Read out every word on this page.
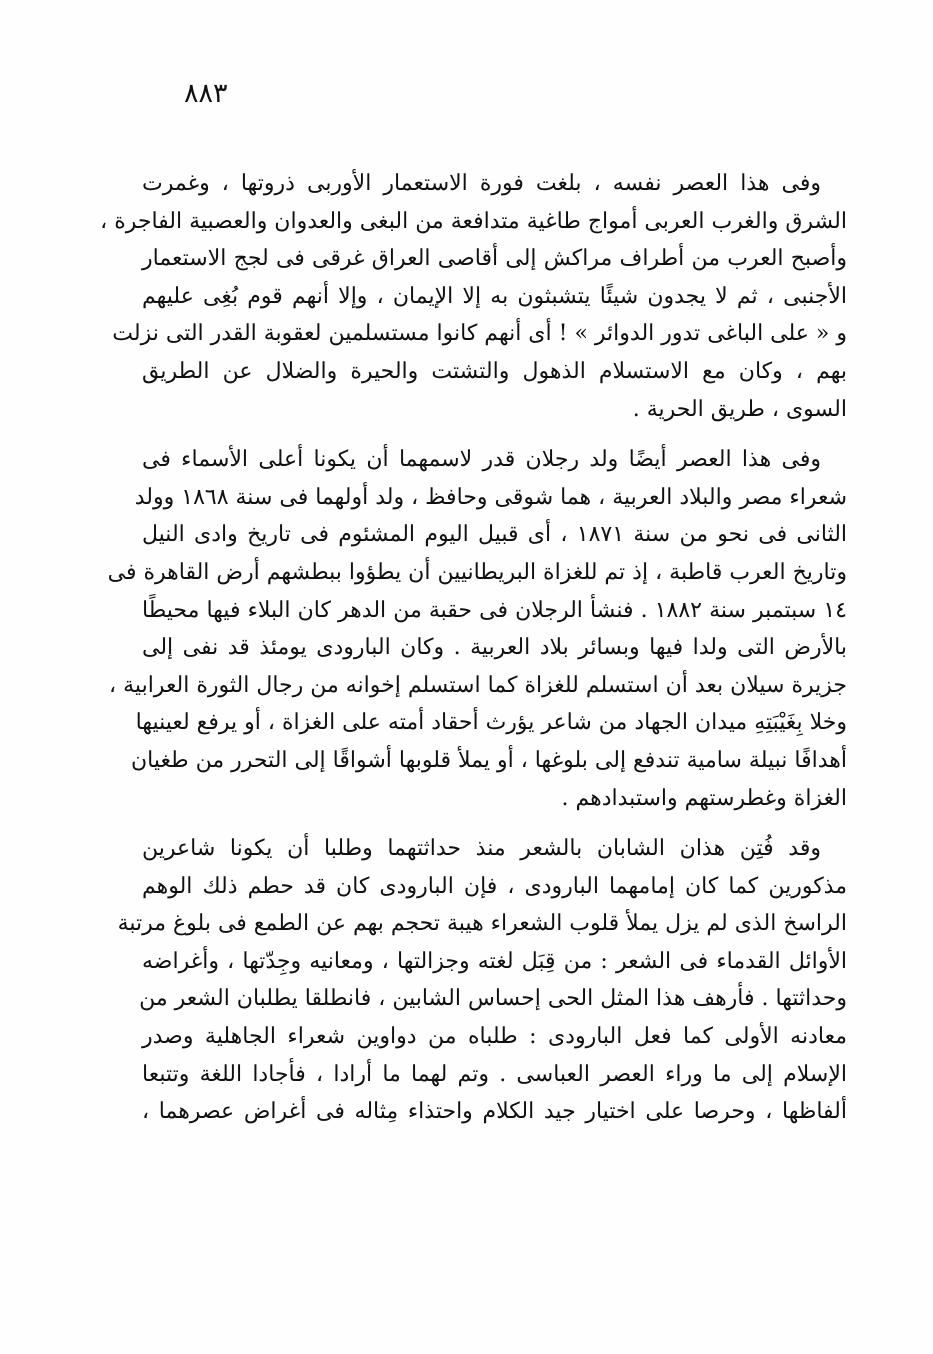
٨٨٣
وفى هذا العصر نفسه ، بلغت فورة الاستعمار الأوربى ذروتها ، وغمرت
الشرق والغرب العربى أمواج طاغية متدافعة من البغى والعدوان والعصبية الفاجرة ،
وأصبح العرب من أطراف مراكش إلى أقاصى العراق غرقى فى لجج الاستعمار
الأجنبى ، ثم لا يجدون شيئًا يتشبثون به إلا الإيمان ، وإلا أنهم قوم بُغِى عليهم
و « على الباغى تدور الدوائر » ! أى أنهم كانوا مستسلمين لعقوبة القدر التى نزلت
بهم ، وكان مع الاستسلام الذهول والتشتت والحيرة والضلال عن الطريق
السوى ، طريق الحرية .
وفى هذا العصر أيضًا ولد رجلان قدر لاسمهما أن يكونا أعلى الأسماء فى
شعراء مصر والبلاد العربية ، هما شوقى وحافظ ، ولد أولهما فى سنة ١٨٦٨ وولد
الثانى فى نحو من سنة ١٨٧١ ، أى قبيل اليوم المشئوم فى تاريخ وادى النيل
وتاريخ العرب قاطبة ، إذ تم للغزاة البريطانيين أن يطؤوا ببطشهم أرض القاهرة فى
١٤ سبتمبر سنة ١٨٨٢ . فنشأ الرجلان فى حقبة من الدهر كان البلاء فيها محيطًا
بالأرض التى ولدا فيها وبسائر بلاد العربية . وكان البارودى يومئذ قد نفى إلى
جزيرة سيلان بعد أن استسلم للغزاة كما استسلم إخوانه من رجال الثورة العرابية ،
وخلا بِغَيْبَتِهِ ميدان الجهاد من شاعر يؤرث أحقاد أمته على الغزاة ، أو يرفع لعينيها
أهدافًا نبيلة سامية تندفع إلى بلوغها ، أو يملأ قلوبها أشواقًا إلى التحرر من طغيان
الغزاة وغطرستهم واستبدادهم .
وقد فُتِن هذان الشابان بالشعر منذ حداثتهما وطلبا أن يكونا شاعرين
مذكورين كما كان إمامهما البارودى ، فإن البارودى كان قد حطم ذلك الوهم
الراسخ الذى لم يزل يملأ قلوب الشعراء هيبة تحجم بهم عن الطمع فى بلوغ مرتبة
الأوائل القدماء فى الشعر : من قِبَل لغته وجزالتها ، ومعانيه وجِدّتها ، وأغراضه
وحداثتها . فأرهف هذا المثل الحى إحساس الشابين ، فانطلقا يطلبان الشعر من
معادنه الأولى كما فعل البارودى : طلباه من دواوين شعراء الجاهلية وصدر
الإسلام إلى ما وراء العصر العباسى . وتم لهما ما أرادا ، فأجادا اللغة وتتبعا
ألفاظها ، وحرصا على اختيار جيد الكلام واحتذاء مِثاله فى أغراض عصرهما ،
